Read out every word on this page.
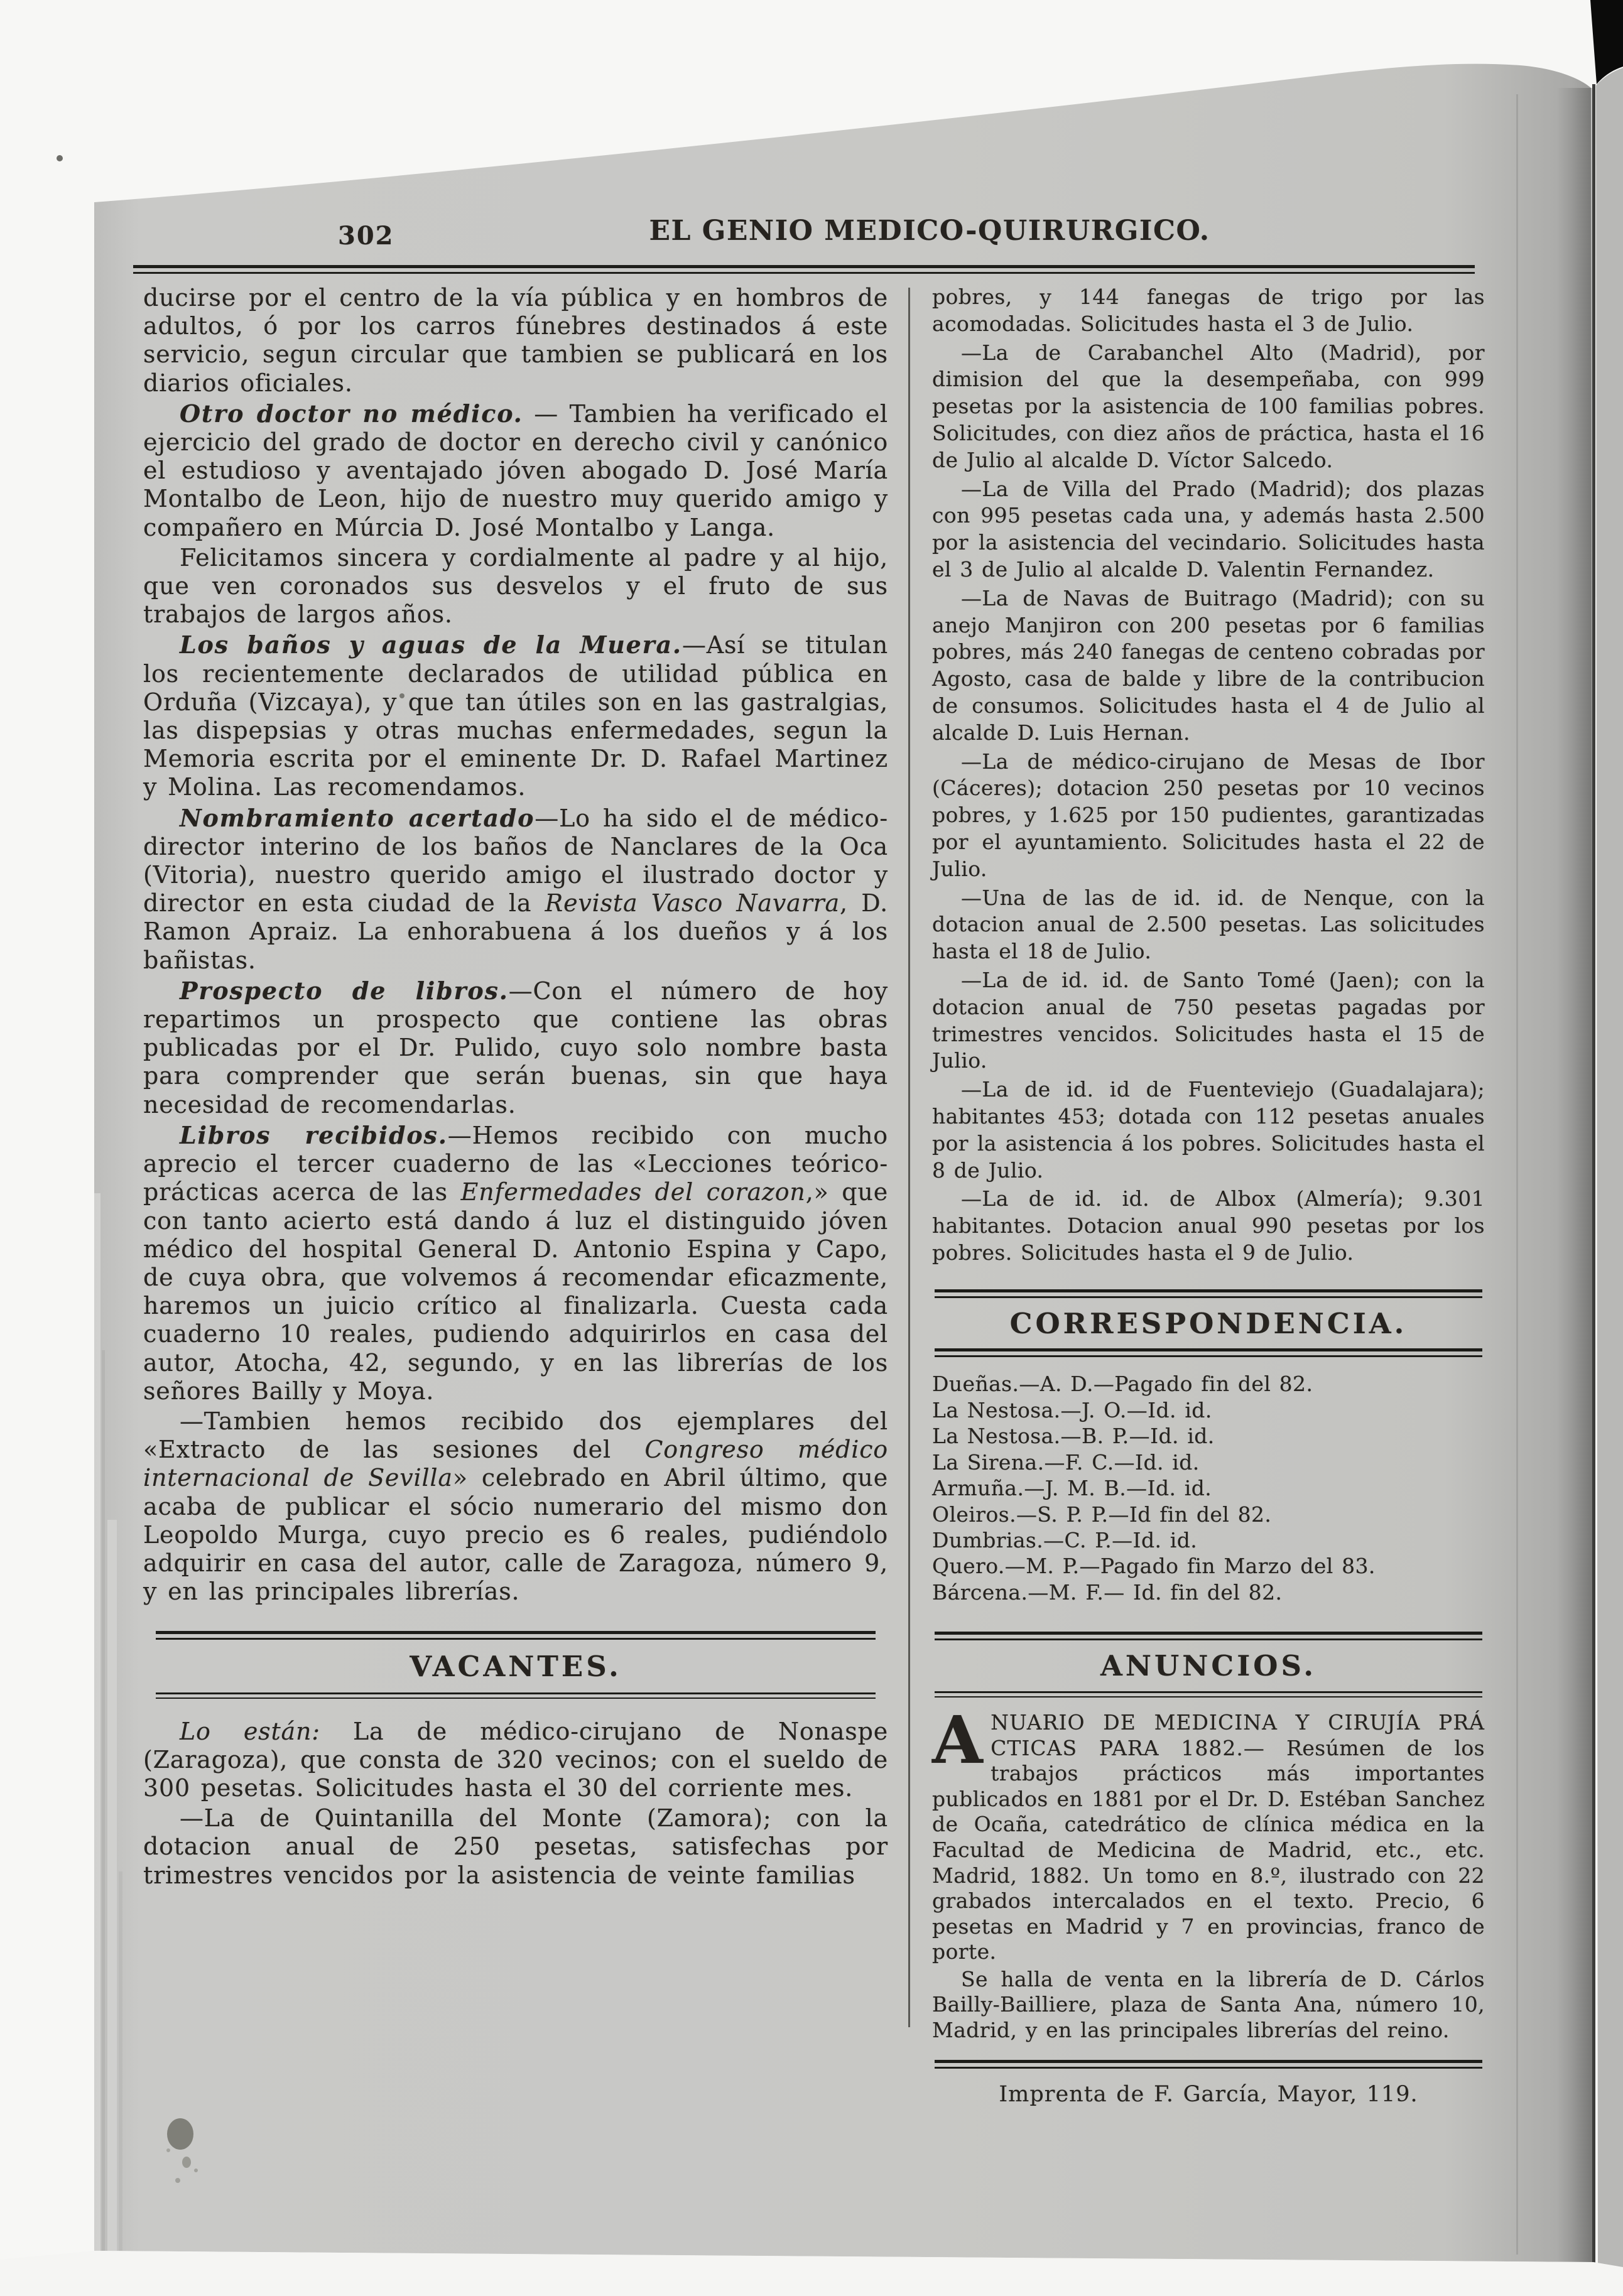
302	EL GENIO MEDICO-QUIRURGICO.

ducirse por el centro de la vía pública y en hombros de adultos, ó por los carros fúnebres destinados á este servicio, segun circular que tambien se publicará en los diarios oficiales.

Otro doctor no médico. — Tambien ha verificado el ejercicio del grado de doctor en derecho civil y canónico el estudioso y aventajado jóven abogado D. José María Montalbo de Leon, hijo de nuestro muy querido amigo y compañero en Múrcia D. José Montalbo y Langa.

Felicitamos sincera y cordialmente al padre y al hijo, que ven coronados sus desvelos y el fruto de sus trabajos de largos años.

Los baños y aguas de la Muera.—Así se titulan los recientemente declarados de utilidad pública en Orduña (Vizcaya), y que tan útiles son en las gastralgias, las dispepsias y otras muchas enfermedades, segun la Memoria escrita por el eminente Dr. D. Rafael Martinez y Molina. Las recomendamos.

Nombramiento acertado—Lo ha sido el de médico-director interino de los baños de Nanclares de la Oca (Vitoria), nuestro querido amigo el ilustrado doctor y director en esta ciudad de la Revista Vasco Navarra, D. Ramon Apraiz. La enhorabuena á los dueños y á los bañistas.

Prospecto de libros.—Con el número de hoy repartimos un prospecto que contiene las obras publicadas por el Dr. Pulido, cuyo solo nombre basta para comprender que serán buenas, sin que haya necesidad de recomendarlas.

Libros recibidos.—Hemos recibido con mucho aprecio el tercer cuaderno de las «Lecciones teórico-prácticas acerca de las Enfermedades del corazon,» que con tanto acierto está dando á luz el distinguido jóven médico del hospital General D. Antonio Espina y Capo, de cuya obra, que volvemos á recomendar eficazmente, haremos un juicio crítico al finalizarla. Cuesta cada cuaderno 10 reales, pudiendo adquirirlos en casa del autor, Atocha, 42, segundo, y en las librerías de los señores Bailly y Moya.

—Tambien hemos recibido dos ejemplares del «Extracto de las sesiones del Congreso médico internacional de Sevilla» celebrado en Abril último, que acaba de publicar el sócio numerario del mismo don Leopoldo Murga, cuyo precio es 6 reales, pudiéndolo adquirir en casa del autor, calle de Zaragoza, número 9, y en las principales librerías.

VACANTES.

Lo están: La de médico-cirujano de Nonaspe (Zaragoza), que consta de 320 vecinos; con el sueldo de 300 pesetas. Solicitudes hasta el 30 del corriente mes.

—La de Quintanilla del Monte (Zamora); con la dotacion anual de 250 pesetas, satisfechas por trimestres vencidos por la asistencia de veinte familias

pobres, y 144 fanegas de trigo por las acomodadas. Solicitudes hasta el 3 de Julio.

—La de Carabanchel Alto (Madrid), por dimision del que la desempeñaba, con 999 pesetas por la asistencia de 100 familias pobres. Solicitudes, con diez años de práctica, hasta el 16 de Julio al alcalde D. Víctor Salcedo.

—La de Villa del Prado (Madrid); dos plazas con 995 pesetas cada una, y además hasta 2.500 por la asistencia del vecindario. Solicitudes hasta el 3 de Julio al alcalde D. Valentin Fernandez.

—La de Navas de Buitrago (Madrid); con su anejo Manjiron con 200 pesetas por 6 familias pobres, más 240 fanegas de centeno cobradas por Agosto, casa de balde y libre de la contribucion de consumos. Solicitudes hasta el 4 de Julio al alcalde D. Luis Hernan.

—La de médico-cirujano de Mesas de Ibor (Cáceres); dotacion 250 pesetas por 10 vecinos pobres, y 1.625 por 150 pudientes, garantizadas por el ayuntamiento. Solicitudes hasta el 22 de Julio.

—Una de las de id. id. de Nenque, con la dotacion anual de 2.500 pesetas. Las solicitudes hasta el 18 de Julio.

—La de id. id. de Santo Tomé (Jaen); con la dotacion anual de 750 pesetas pagadas por trimestres vencidos. Solicitudes hasta el 15 de Julio.

—La de id. id de Fuenteviejo (Guadalajara); habitantes 453; dotada con 112 pesetas anuales por la asistencia á los pobres. Solicitudes hasta el 8 de Julio.

—La de id. id. de Albox (Almería); 9.301 habitantes. Dotacion anual 990 pesetas por los pobres. Solicitudes hasta el 9 de Julio.

CORRESPONDENCIA.

Dueñas.—A. D.—Pagado fin del 82.

La Nestosa.—J. O.—Id. id.

La Nestosa.—B. P.—Id. id.

La Sirena.—F. C.—Id. id.

Armuña.—J. M. B.—Id. id.

Oleiros.—S. P. P.—Id fin del 82.

Dumbrias.—C. P.—Id. id.

Quero.—M. P.—Pagado fin Marzo del 83.

Bárcena.—M. F.— Id. fin del 82.

ANUNCIOS.

ANUARIO DE MEDICINA Y CIRUJÍA PRÁ CTICAS PARA 1882.— Resúmen de los trabajos prácticos más importantes publicados en 1881 por el Dr. D. Estéban Sanchez de Ocaña, catedrático de clínica médica en la Facultad de Medicina de Madrid, etc., etc. Madrid, 1882. Un tomo en 8.º, ilustrado con 22 grabados intercalados en el texto. Precio, 6 pesetas en Madrid y 7 en provincias, franco de porte.

Se halla de venta en la librería de D. Cárlos Bailly-Bailliere, plaza de Santa Ana, número 10, Madrid, y en las principales librerías del reino.

Imprenta de F. García, Mayor, 119.
